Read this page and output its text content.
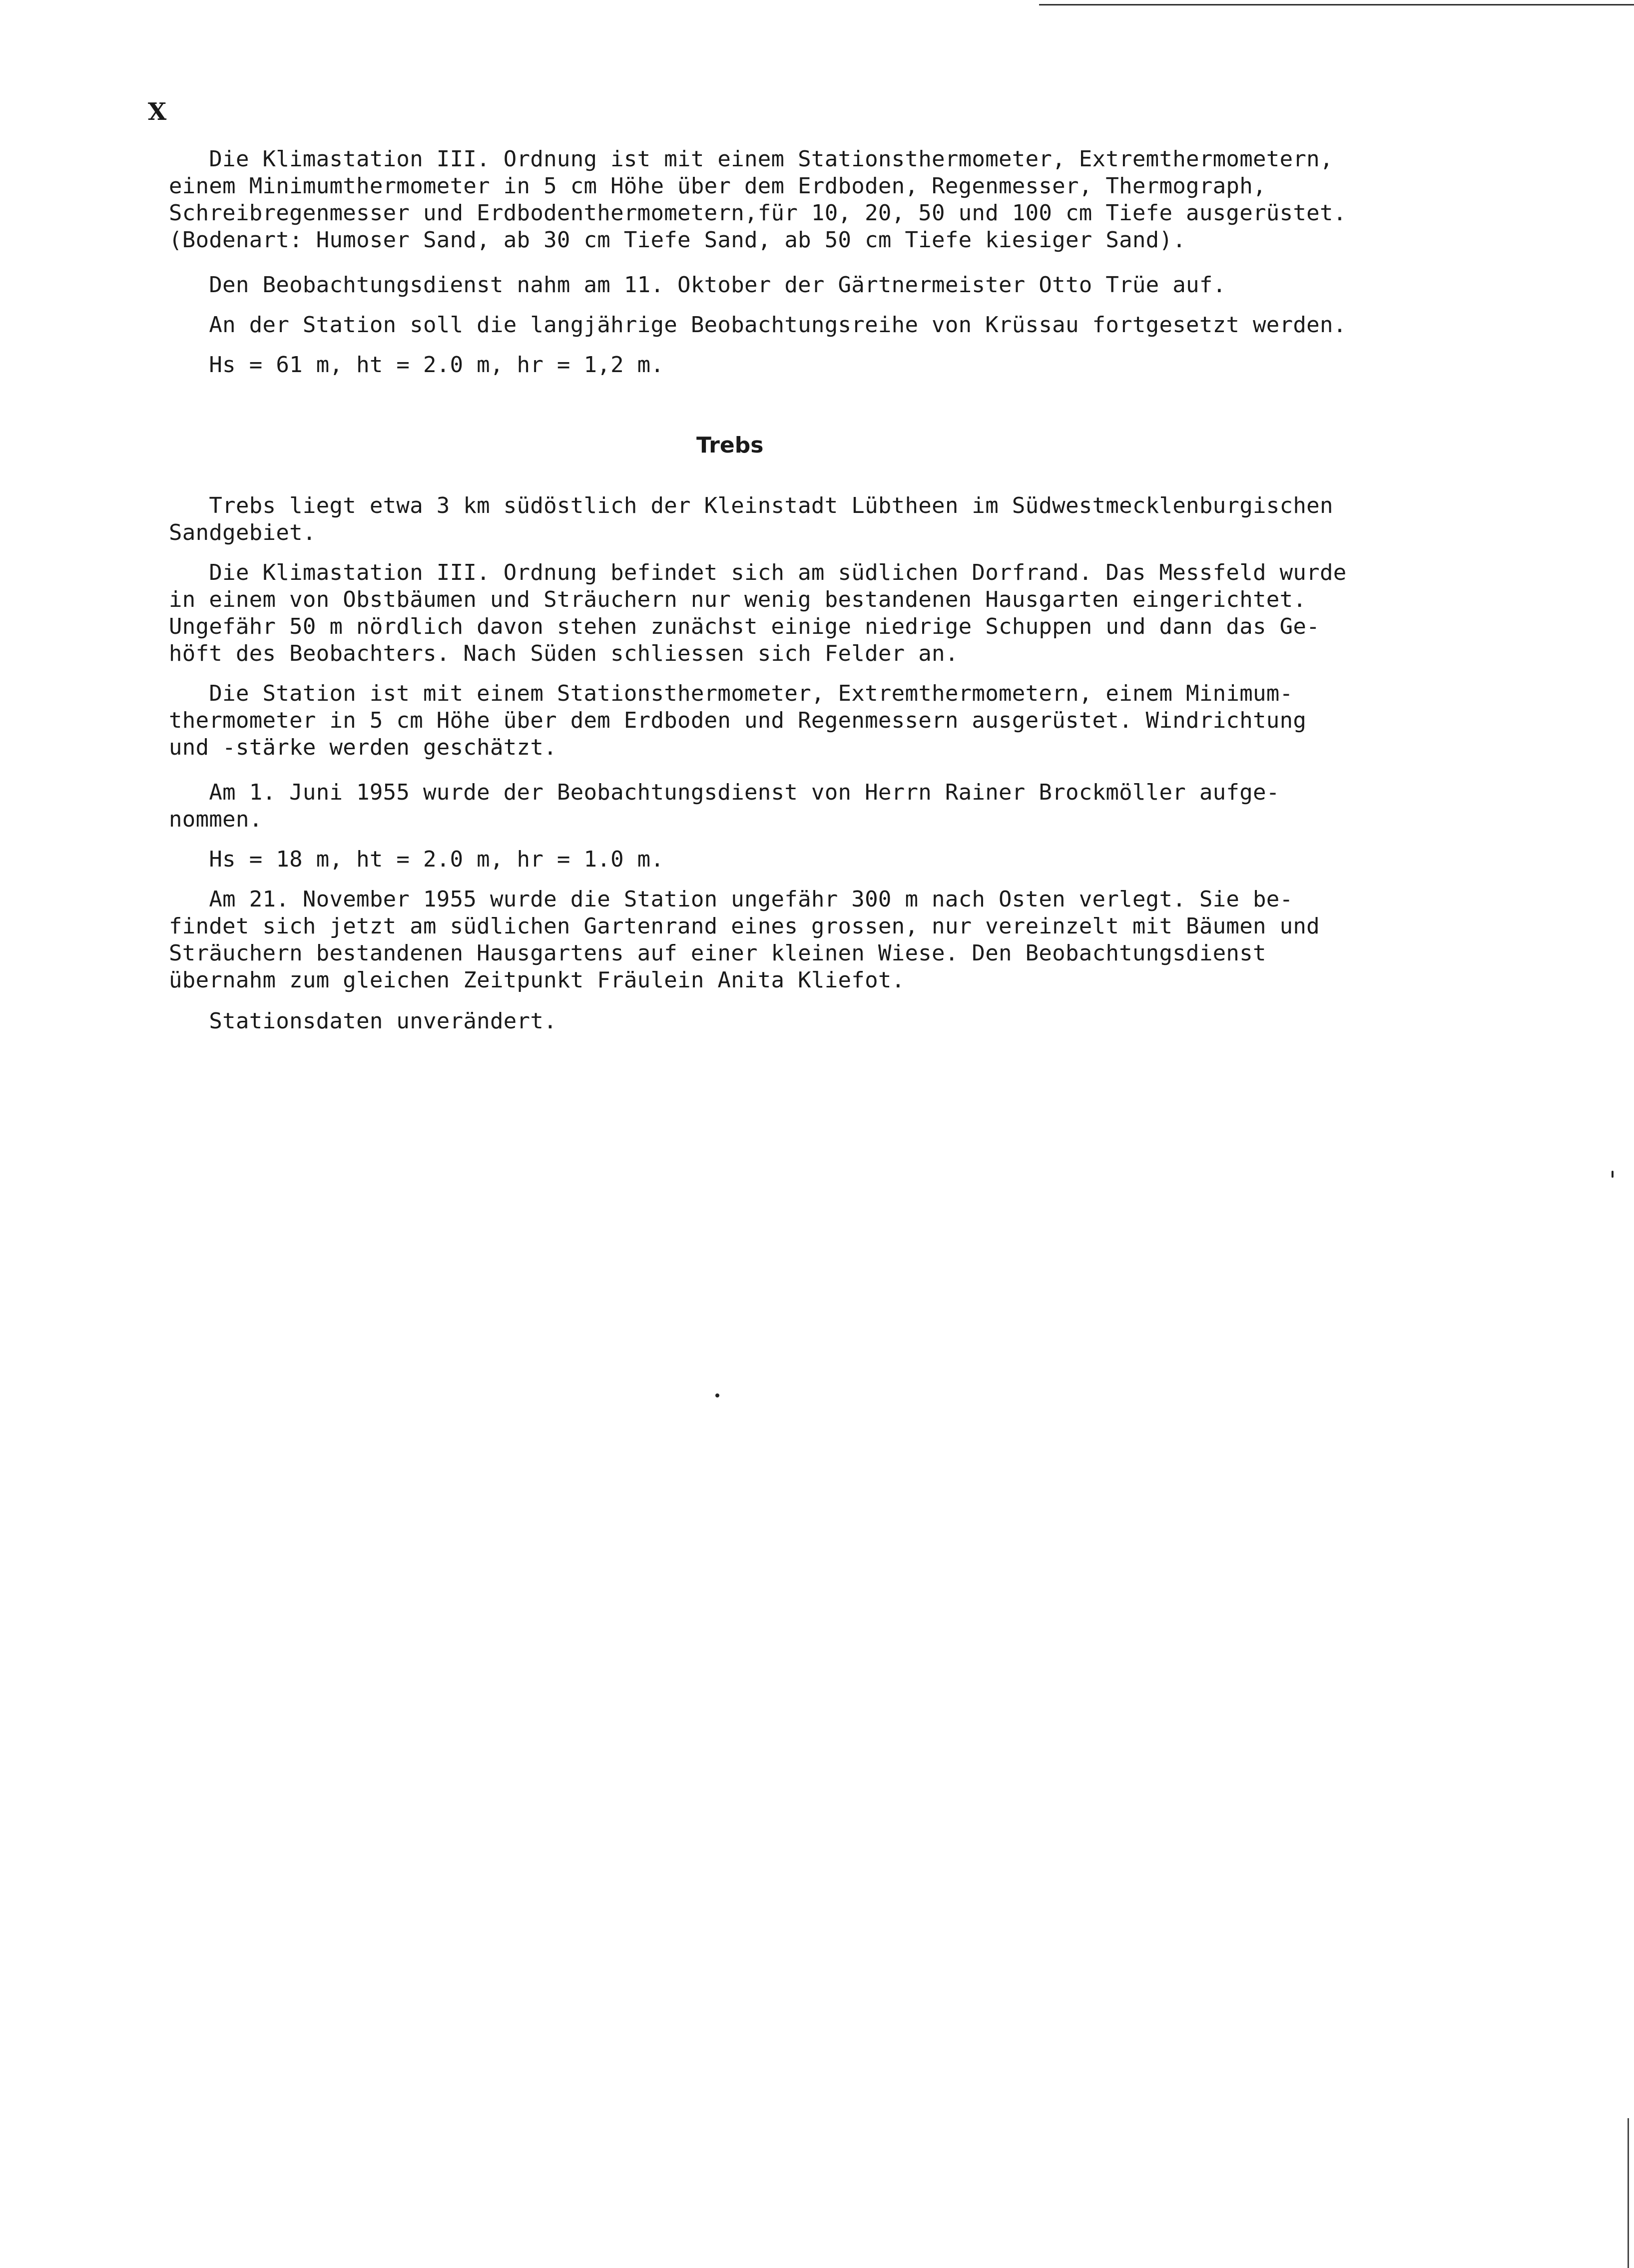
X

Die Klimastation III. Ordnung ist mit einem Stationsthermometer, Extremthermometern,
einem Minimumthermometer in 5 cm Höhe über dem Erdboden, Regenmesser, Thermograph,
Schreibregenmesser und Erdbodenthermometern,für 10, 20, 50 und 100 cm Tiefe ausgerüstet.
(Bodenart: Humoser Sand, ab 30 cm Tiefe Sand, ab 50 cm Tiefe kiesiger Sand).

Den Beobachtungsdienst nahm am 11. Oktober der Gärtnermeister Otto Trüe auf.

An der Station soll die langjährige Beobachtungsreihe von Krüssau fortgesetzt werden.

Hs = 61 m, ht = 2.0 m, hr = 1,2 m.

Trebs

Trebs liegt etwa 3 km südöstlich der Kleinstadt Lübtheen im Südwestmecklenburgischen
Sandgebiet.

Die Klimastation III. Ordnung befindet sich am südlichen Dorfrand. Das Messfeld wurde
in einem von Obstbäumen und Sträuchern nur wenig bestandenen Hausgarten eingerichtet.
Ungefähr 50 m nördlich davon stehen zunächst einige niedrige Schuppen und dann das Ge-
höft des Beobachters. Nach Süden schliessen sich Felder an.

Die Station ist mit einem Stationsthermometer, Extremthermometern, einem Minimum-
thermometer in 5 cm Höhe über dem Erdboden und Regenmessern ausgerüstet. Windrichtung
und -stärke werden geschätzt.

Am 1. Juni 1955 wurde der Beobachtungsdienst von Herrn Rainer Brockmöller aufge-
nommen.

Hs = 18 m, ht = 2.0 m, hr = 1.0 m.

Am 21. November 1955 wurde die Station ungefähr 300 m nach Osten verlegt. Sie be-
findet sich jetzt am südlichen Gartenrand eines grossen, nur vereinzelt mit Bäumen und
Sträuchern bestandenen Hausgartens auf einer kleinen Wiese. Den Beobachtungsdienst
übernahm zum gleichen Zeitpunkt Fräulein Anita Kliefot.

Stationsdaten unverändert.
